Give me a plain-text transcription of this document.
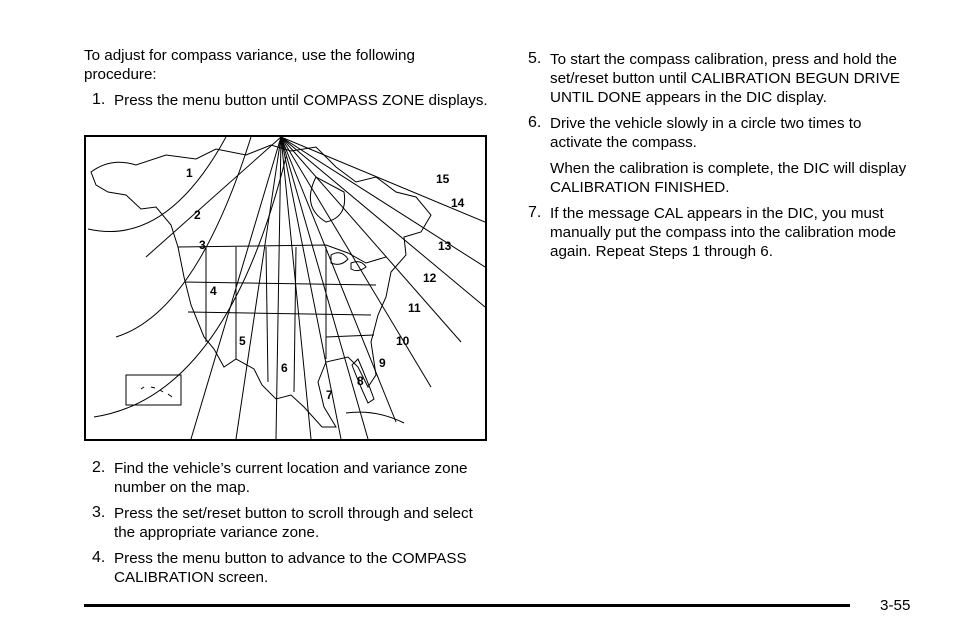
To adjust for compass variance, use the following procedure:

1. Press the menu button until COMPASS ZONE displays.

1
2
3
4
5
6
7
8
9
10
11
12
13
14
15
2. Find the vehicle’s current location and variance zone number on the map.

3. Press the set/reset button to scroll through and select the appropriate variance zone.

4. Press the menu button to advance to the COMPASS CALIBRATION screen.

5. To start the compass calibration, press and hold the set/reset button until CALIBRATION BEGUN DRIVE UNTIL DONE appears in the DIC display.

6. Drive the vehicle slowly in a circle two times to activate the compass.

When the calibration is complete, the DIC will display CALIBRATION FINISHED.

7. If the message CAL appears in the DIC, you must manually put the compass into the calibration mode again. Repeat Steps 1 through 6.

3-55
